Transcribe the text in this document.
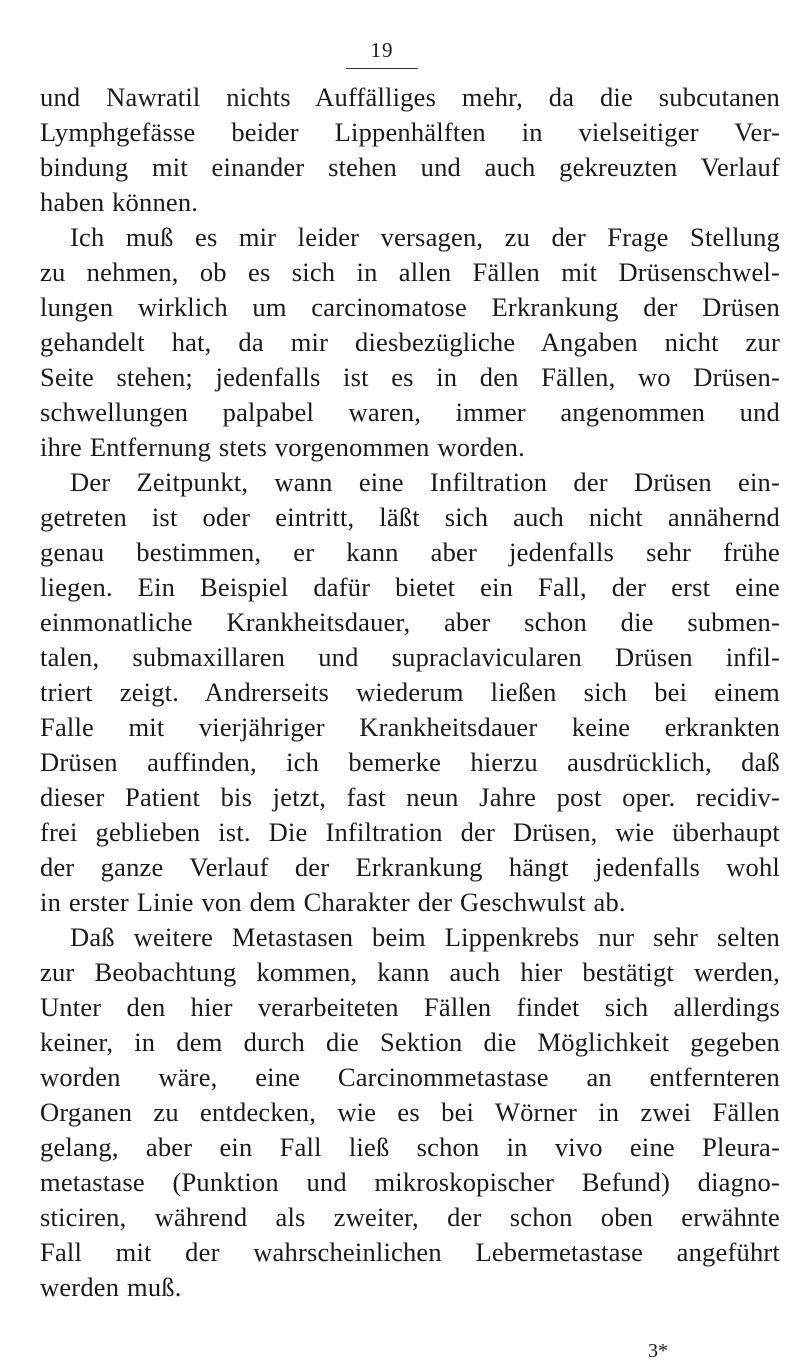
19
und Nawratil nichts Auffälliges mehr, da die subcutanen
Lymphgefässe beider Lippenhälften in vielseitiger Ver-
bindung mit einander stehen und auch gekreuzten Verlauf
haben können.
Ich muß es mir leider versagen, zu der Frage Stellung
zu nehmen, ob es sich in allen Fällen mit Drüsenschwel-
lungen wirklich um carcinomatose Erkrankung der Drüsen
gehandelt hat, da mir diesbezügliche Angaben nicht zur
Seite stehen; jedenfalls ist es in den Fällen, wo Drüsen-
schwellungen palpabel waren, immer angenommen und
ihre Entfernung stets vorgenommen worden.
Der Zeitpunkt, wann eine Infiltration der Drüsen ein-
getreten ist oder eintritt, läßt sich auch nicht annähernd
genau bestimmen, er kann aber jedenfalls sehr frühe
liegen. Ein Beispiel dafür bietet ein Fall, der erst eine
einmonatliche Krankheitsdauer, aber schon die submen-
talen, submaxillaren und supraclavicularen Drüsen infil-
triert zeigt. Andrerseits wiederum ließen sich bei einem
Falle mit vierjähriger Krankheitsdauer keine erkrankten
Drüsen auffinden, ich bemerke hierzu ausdrücklich, daß
dieser Patient bis jetzt, fast neun Jahre post oper. recidiv-
frei geblieben ist. Die Infiltration der Drüsen, wie überhaupt
der ganze Verlauf der Erkrankung hängt jedenfalls wohl
in erster Linie von dem Charakter der Geschwulst ab.
Daß weitere Metastasen beim Lippenkrebs nur sehr selten
zur Beobachtung kommen, kann auch hier bestätigt werden,
Unter den hier verarbeiteten Fällen findet sich allerdings
keiner, in dem durch die Sektion die Möglichkeit gegeben
worden wäre, eine Carcinommetastase an entfernteren
Organen zu entdecken, wie es bei Wörner in zwei Fällen
gelang, aber ein Fall ließ schon in vivo eine Pleura-
metastase (Punktion und mikroskopischer Befund) diagno-
sticiren, während als zweiter, der schon oben erwähnte
Fall mit der wahrscheinlichen Lebermetastase angeführt
werden muß.
3*
